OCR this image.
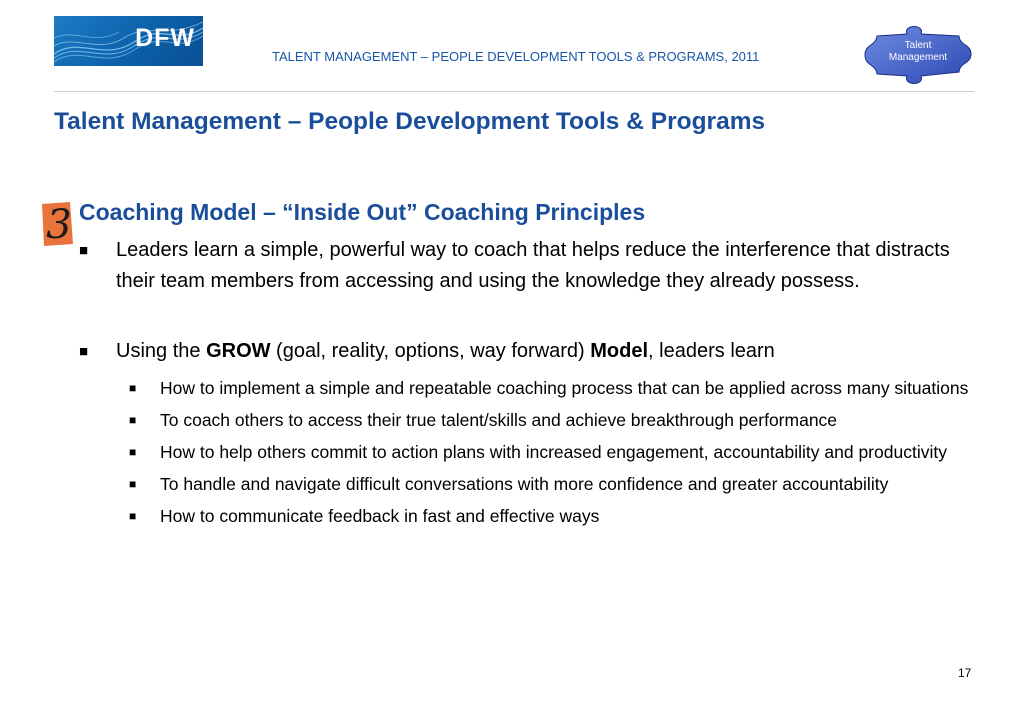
DFW
TALENT MANAGEMENT – PEOPLE DEVELOPMENT TOOLS & PROGRAMS, 2011
Talent
Management
Talent Management – People Development Tools & Programs
3 Coaching Model – “Inside Out” Coaching Principles
■ Leaders learn a simple, powerful way to coach that helps reduce the interference that distracts their team members from accessing and using the knowledge they already possess.
■ Using the GROW (goal, reality, options, way forward) Model, leaders learn
■ How to implement a simple and repeatable coaching process that can be applied across many situations
■ To coach others to access their true talent/skills and achieve breakthrough performance
■ How to help others commit to action plans with increased engagement, accountability and productivity
■ To handle and navigate difficult conversations with more confidence and greater accountability
■ How to communicate feedback in fast and effective ways
17
